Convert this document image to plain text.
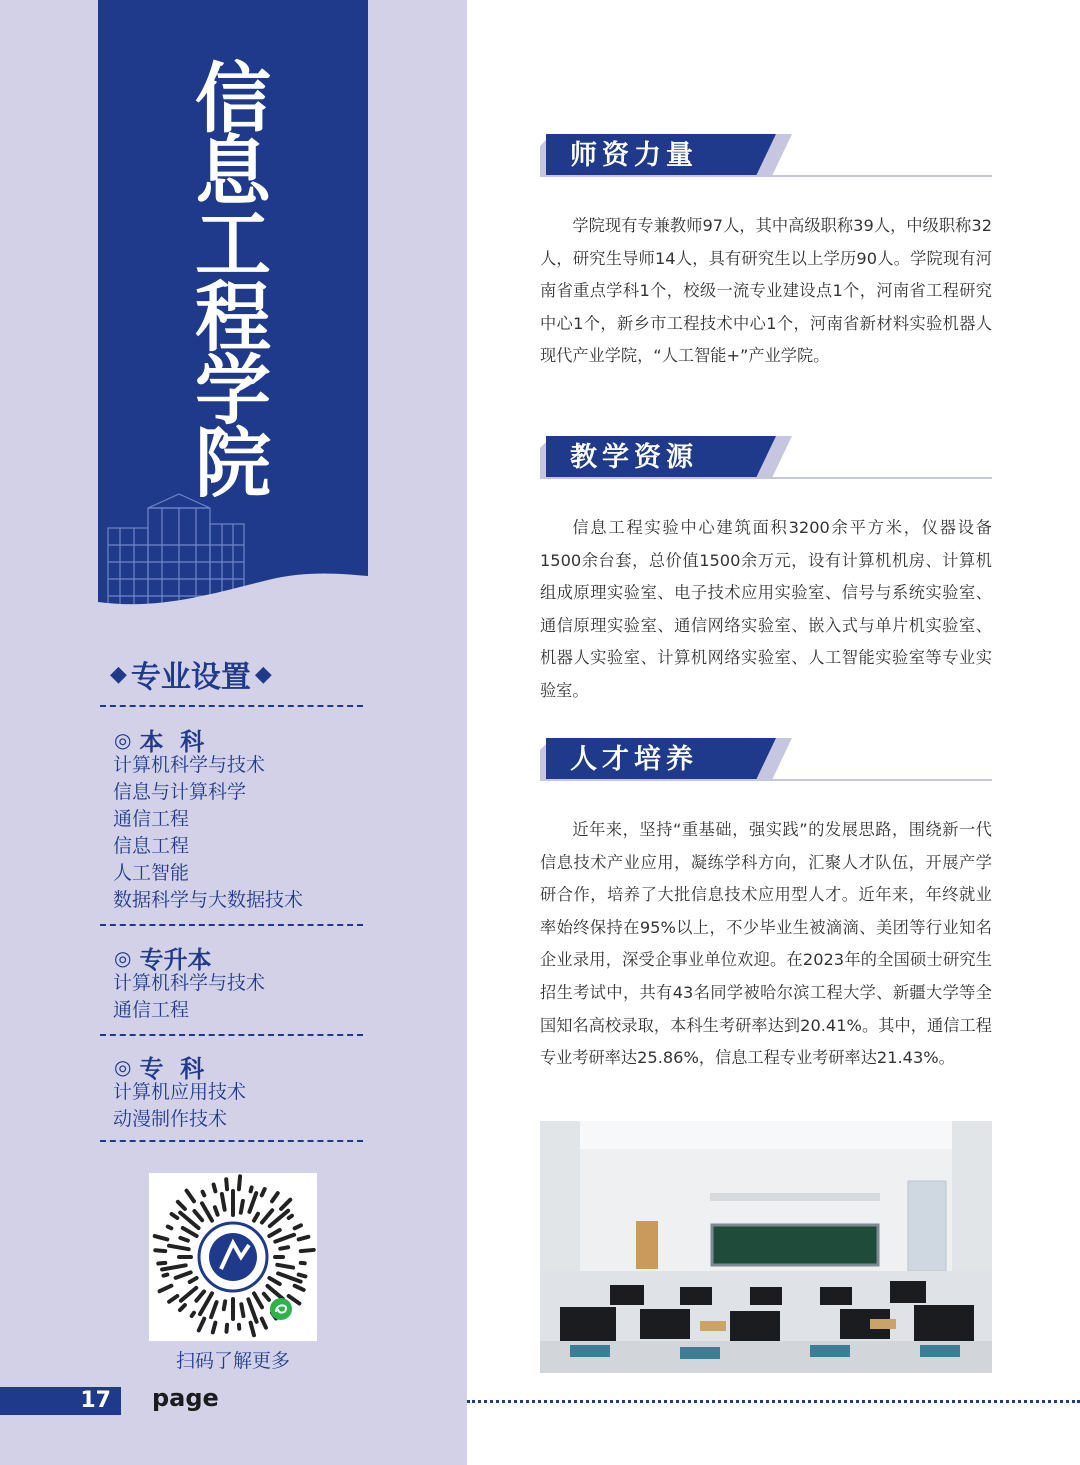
信
息
工
程
学
院
◆ 专业设置 ◆
◎ 本  科
计算机科学与技术
信息与计算科学
通信工程
信息工程
人工智能
数据科学与大数据技术
◎ 专升本
计算机科学与技术
通信工程
◎ 专  科
计算机应用技术
动漫制作技术
扫码了解更多
17	page
师资力量

学院现有专兼教师97人，其中高级职称39人，中级职称32人，研究生导师14人，具有研究生以上学历90人。学院现有河南省重点学科1个，校级一流专业建设点1个，河南省工程研究中心1个，新乡市工程技术中心1个，河南省新材料实验机器人现代产业学院，“人工智能+”产业学院。

教学资源

信息工程实验中心建筑面积3200余平方米，仪器设备1500余台套，总价值1500余万元，设有计算机机房、计算机组成原理实验室、电子技术应用实验室、信号与系统实验室、通信原理实验室、通信网络实验室、嵌入式与单片机实验室、机器人实验室、计算机网络实验室、人工智能实验室等专业实验室。

人才培养

近年来，坚持“重基础，强实践”的发展思路，围绕新一代信息技术产业应用，凝练学科方向，汇聚人才队伍，开展产学研合作，培养了大批信息技术应用型人才。近年来，年终就业率始终保持在95%以上，不少毕业生被滴滴、美团等行业知名企业录用，深受企事业单位欢迎。在2023年的全国硕士研究生招生考试中，共有43名同学被哈尔滨工程大学、新疆大学等全国知名高校录取，本科生考研率达到20.41%。其中，通信工程专业考研率达25.86%，信息工程专业考研率达21.43%。
